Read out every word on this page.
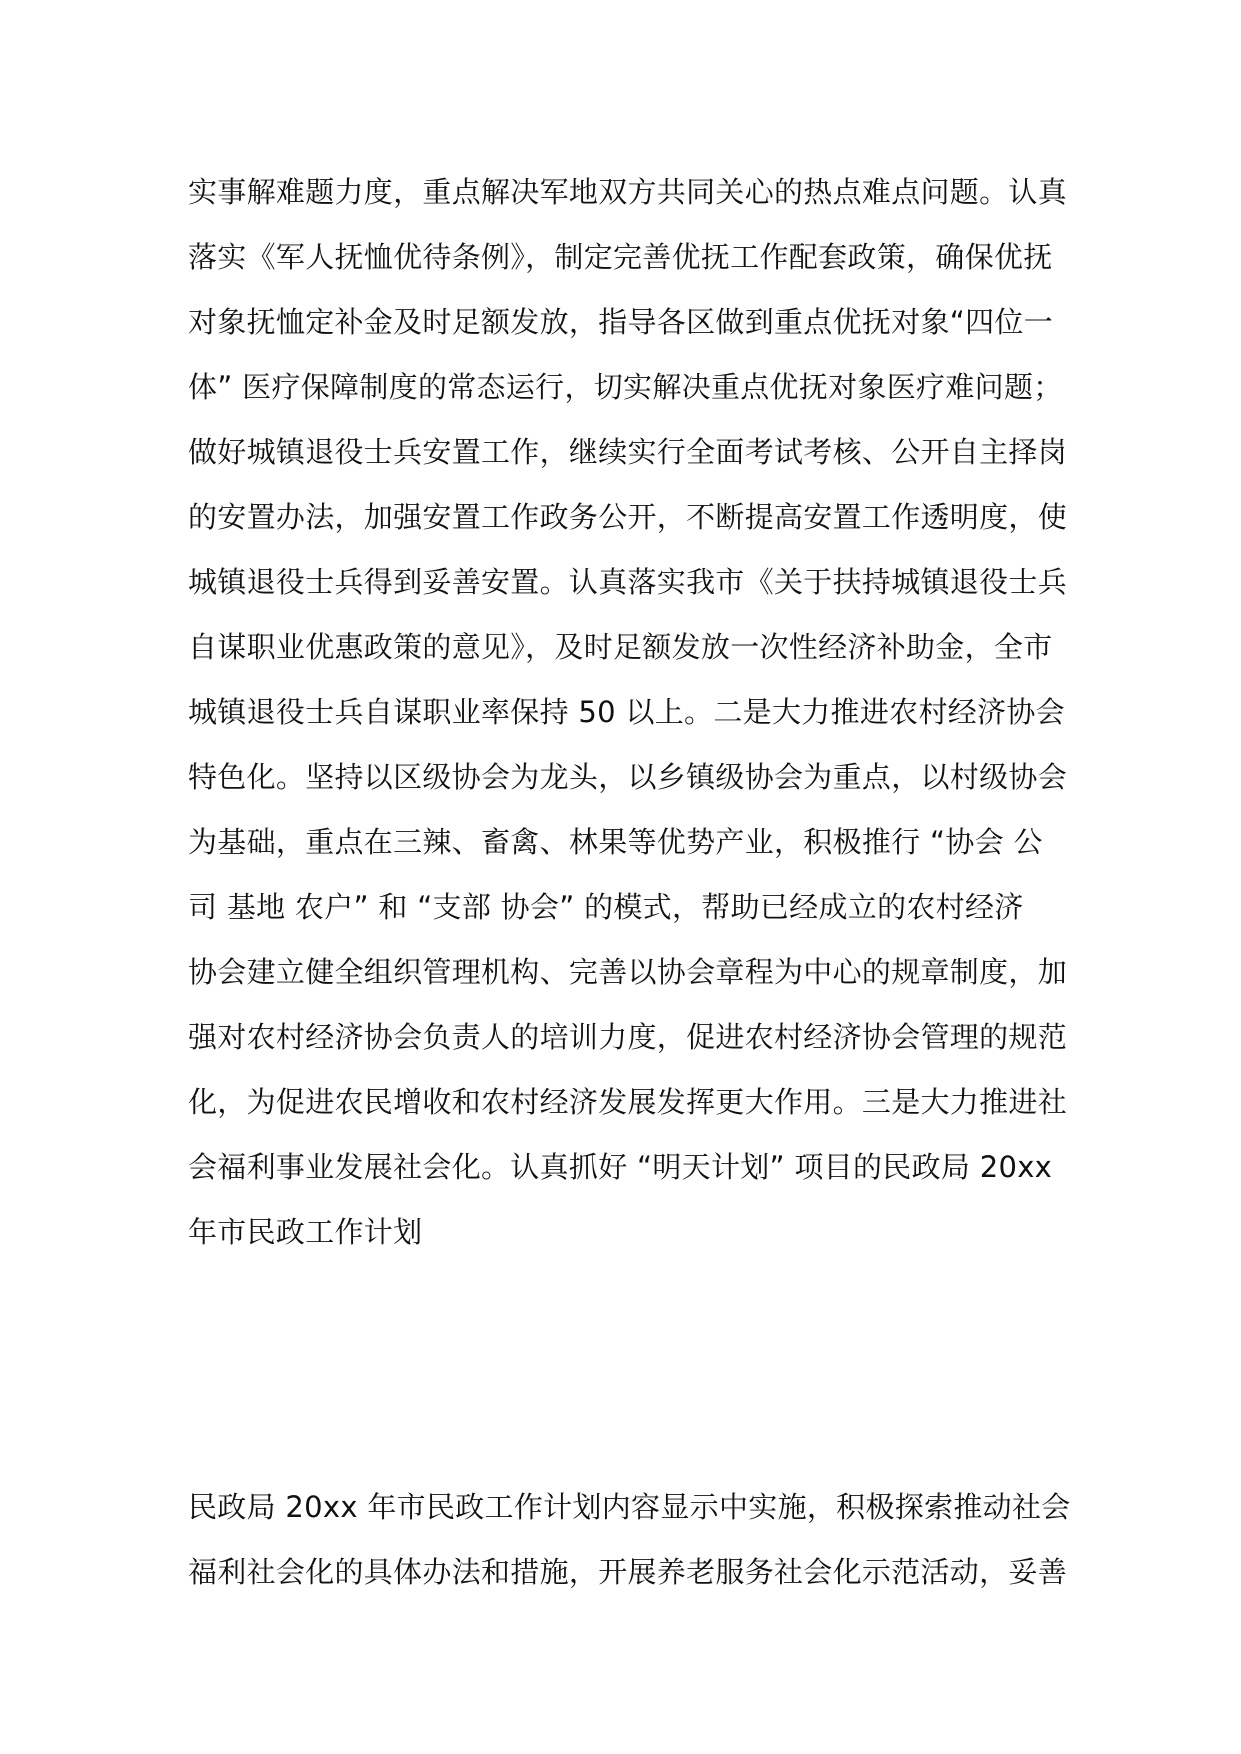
实事解难题力度，重点解决军地双方共同关心的热点难点问题。认真
落实《军人抚恤优待条例》，制定完善优抚工作配套政策，确保优抚
对象抚恤定补金及时足额发放，指导各区做到重点优抚对象“四位一
体” 医疗保障制度的常态运行，切实解决重点优抚对象医疗难问题；
做好城镇退役士兵安置工作，继续实行全面考试考核、公开自主择岗
的安置办法，加强安置工作政务公开，不断提高安置工作透明度，使
城镇退役士兵得到妥善安置。认真落实我市《关于扶持城镇退役士兵
自谋职业优惠政策的意见》，及时足额发放一次性经济补助金，全市
城镇退役士兵自谋职业率保持 50 以上。二是大力推进农村经济协会
特色化。坚持以区级协会为龙头，以乡镇级协会为重点，以村级协会
为基础，重点在三辣、畜禽、林果等优势产业，积极推行 “协会 公
司 基地 农户” 和 “支部 协会” 的模式，帮助已经成立的农村经济
协会建立健全组织管理机构、完善以协会章程为中心的规章制度，加
强对农村经济协会负责人的培训力度，促进农村经济协会管理的规范
化，为促进农民增收和农村经济发展发挥更大作用。三是大力推进社
会福利事业发展社会化。认真抓好 “明天计划” 项目的民政局 20xx
年市民政工作计划
民政局 20xx 年市民政工作计划内容显示中实施，积极探索推动社会
福利社会化的具体办法和措施，开展养老服务社会化示范活动，妥善
